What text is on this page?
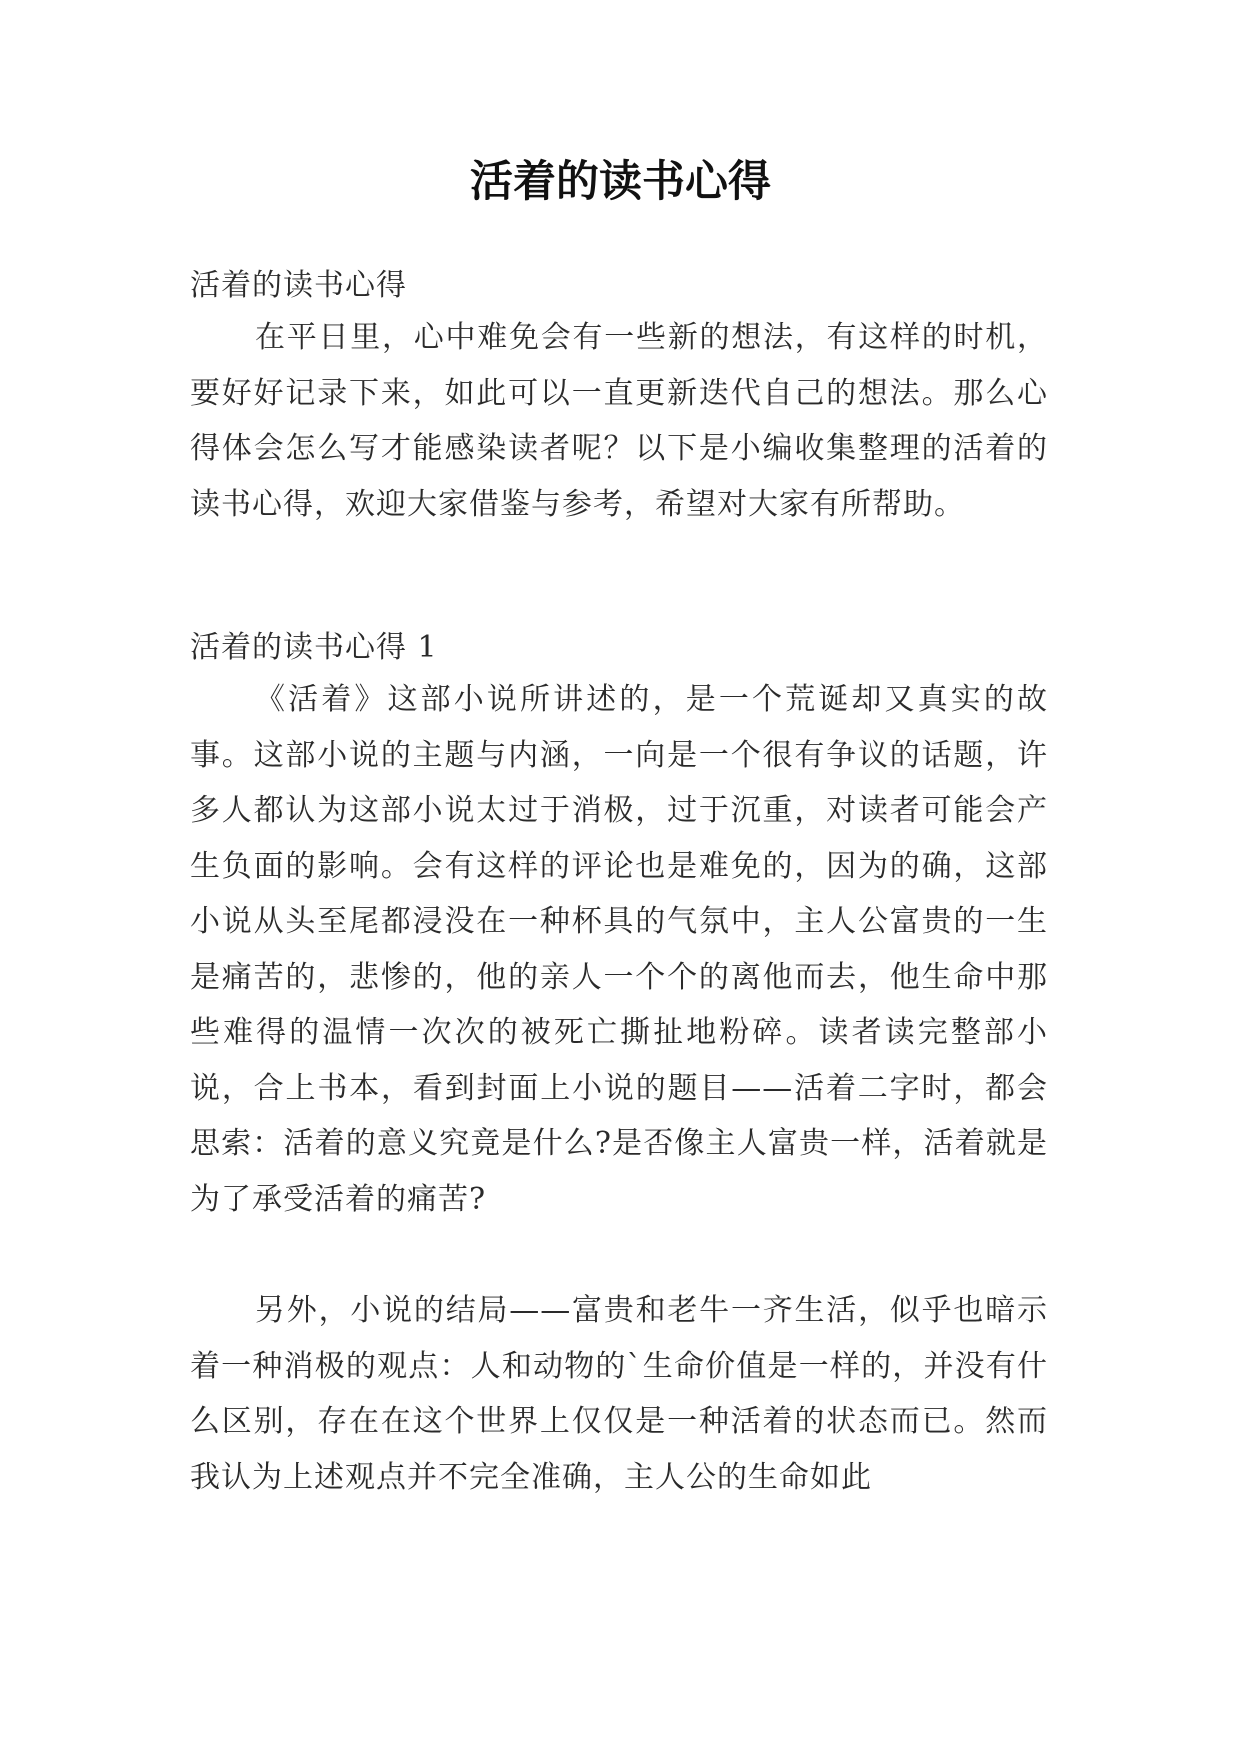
活着的读书心得

活着的读书心得

在平日里，心中难免会有一些新的想法，有这样的时机，要好好记录下来，如此可以一直更新迭代自己的想法。那么心得体会怎么写才能感染读者呢？以下是小编收集整理的活着的读书心得，欢迎大家借鉴与参考，希望对大家有所帮助。

活着的读书心得 1

《活着》这部小说所讲述的，是一个荒诞却又真实的故事。这部小说的主题与内涵，一向是一个很有争议的话题，许多人都认为这部小说太过于消极，过于沉重，对读者可能会产生负面的影响。会有这样的评论也是难免的，因为的确，这部小说从头至尾都浸没在一种杯具的气氛中，主人公富贵的一生是痛苦的，悲惨的，他的亲人一个个的离他而去，他生命中那些难得的温情一次次的被死亡撕扯地粉碎。读者读完整部小说，合上书本，看到封面上小说的题目——活着二字时，都会思索：活着的意义究竟是什么?是否像主人富贵一样，活着就是为了承受活着的痛苦?

另外，小说的结局——富贵和老牛一齐生活，似乎也暗示着一种消极的观点：人和动物的`生命价值是一样的，并没有什么区别，存在在这个世界上仅仅是一种活着的状态而已。然而我认为上述观点并不完全准确，主人公的生命如此
